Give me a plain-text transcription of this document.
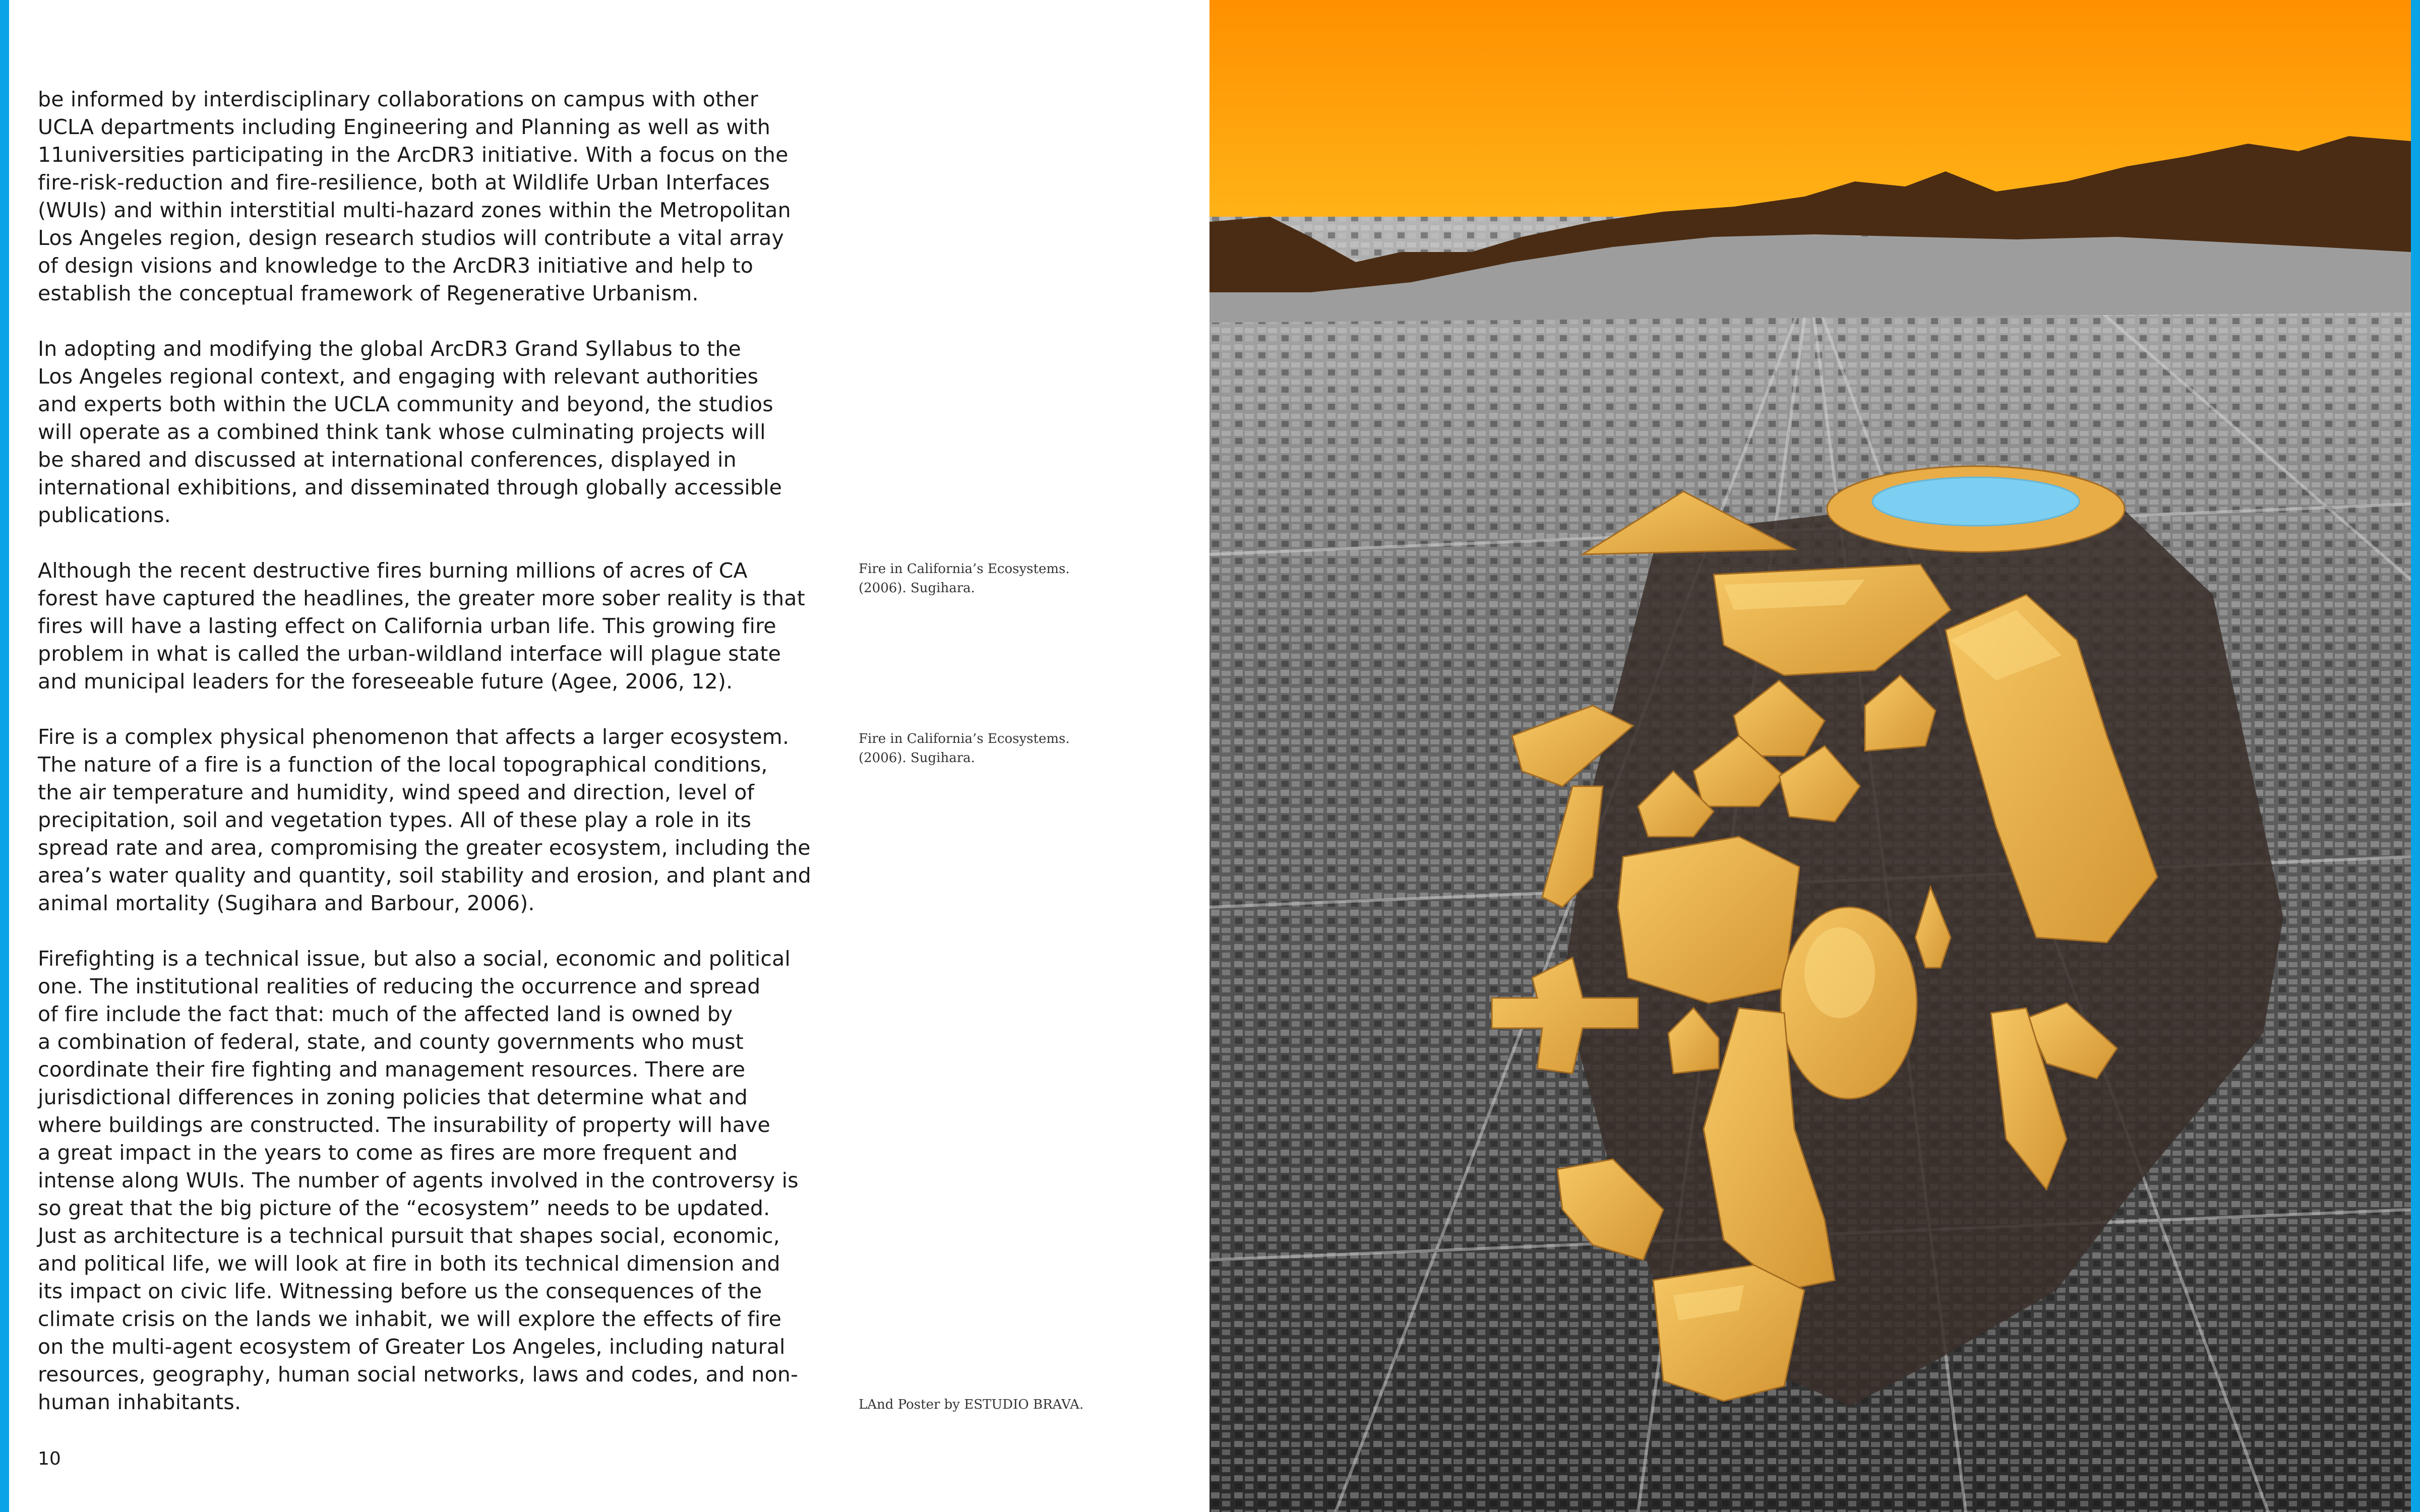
be informed by interdisciplinary collaborations on campus with other
UCLA departments including Engineering and Planning as well as with
11universities participating in the ArcDR3 initiative. With a focus on the
fire-risk-reduction and fire-resilience, both at Wildlife Urban Interfaces
(WUIs) and within interstitial multi-hazard zones within the Metropolitan
Los Angeles region, design research studios will contribute a vital array
of design visions and knowledge to the ArcDR3 initiative and help to
establish the conceptual framework of Regenerative Urbanism.

In adopting and modifying the global ArcDR3 Grand Syllabus to the
Los Angeles regional context, and engaging with relevant authorities
and experts both within the UCLA community and beyond, the studios
will operate as a combined think tank whose culminating projects will
be shared and discussed at international conferences, displayed in
international exhibitions, and disseminated through globally accessible
publications.

Although the recent destructive fires burning millions of acres of CA
forest have captured the headlines, the greater more sober reality is that
fires will have a lasting effect on California urban life. This growing fire
problem in what is called the urban-wildland interface will plague state
and municipal leaders for the foreseeable future (Agee, 2006, 12).

Fire is a complex physical phenomenon that affects a larger ecosystem.
The nature of a fire is a function of the local topographical conditions,
the air temperature and humidity, wind speed and direction, level of
precipitation, soil and vegetation types. All of these play a role in its
spread rate and area, compromising the greater ecosystem, including the
area’s water quality and quantity, soil stability and erosion, and plant and
animal mortality (Sugihara and Barbour, 2006).

Firefighting is a technical issue, but also a social, economic and political
one. The institutional realities of reducing the occurrence and spread
of fire include the fact that: much of the affected land is owned by
a combination of federal, state, and county governments who must
coordinate their fire fighting and management resources. There are
jurisdictional differences in zoning policies that determine what and
where buildings are constructed. The insurability of property will have
a great impact in the years to come as fires are more frequent and
intense along WUIs. The number of agents involved in the controversy is
so great that the big picture of the “ecosystem” needs to be updated.
Just as architecture is a technical pursuit that shapes social, economic,
and political life, we will look at fire in both its technical dimension and
its impact on civic life. Witnessing before us the consequences of the
climate crisis on the lands we inhabit, we will explore the effects of fire
on the multi-agent ecosystem of Greater Los Angeles, including natural
resources, geography, human social networks, laws and codes, and non-
human inhabitants.

Fire in California’s Ecosystems.
(2006). Sugihara.
Fire in California’s Ecosystems.
(2006). Sugihara.
LAnd Poster by ESTUDIO BRAVA.
10
